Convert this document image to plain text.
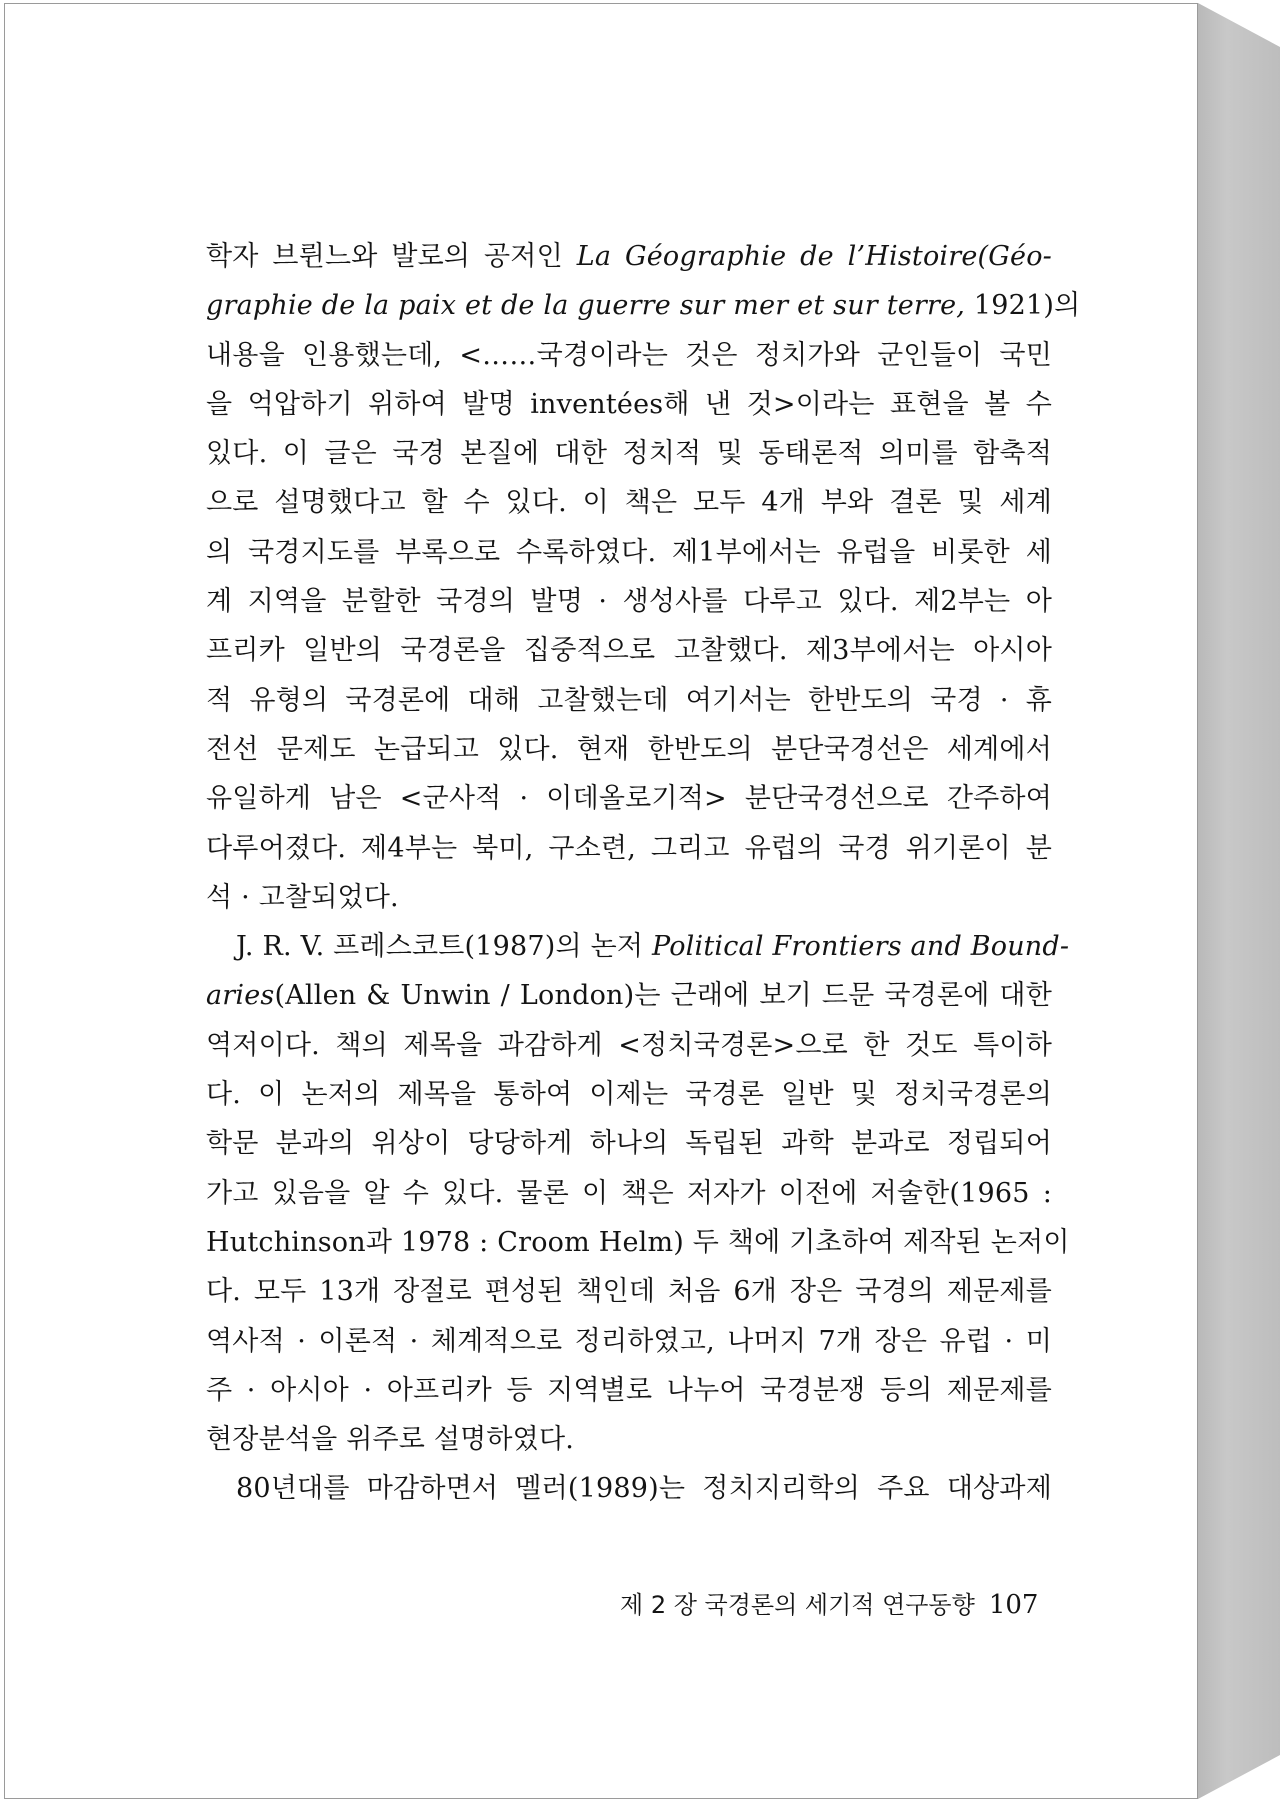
학자 브륀느와 발로의 공저인 La Géographie de l’Histoire(Géo-
graphie de la paix et de la guerre sur mer et sur terre, 1921)의
내용을 인용했는데, <……국경이라는 것은 정치가와 군인들이 국민
을 억압하기 위하여 발명 inventées해 낸 것>이라는 표현을 볼 수
있다. 이 글은 국경 본질에 대한 정치적 및 동태론적 의미를 함축적
으로 설명했다고 할 수 있다. 이 책은 모두 4개 부와 결론 및 세계
의 국경지도를 부록으로 수록하였다. 제1부에서는 유럽을 비롯한 세
계 지역을 분할한 국경의 발명 · 생성사를 다루고 있다. 제2부는 아
프리카 일반의 국경론을 집중적으로 고찰했다. 제3부에서는 아시아
적 유형의 국경론에 대해 고찰했는데 여기서는 한반도의 국경 · 휴
전선 문제도 논급되고 있다. 현재 한반도의 분단국경선은 세계에서
유일하게 남은 <군사적 · 이데올로기적> 분단국경선으로 간주하여
다루어졌다. 제4부는 북미, 구소련, 그리고 유럽의 국경 위기론이 분
석 · 고찰되었다.
J. R. V. 프레스코트(1987)의 논저 Political Frontiers and Bound-
aries(Allen & Unwin / London)는 근래에 보기 드문 국경론에 대한
역저이다. 책의 제목을 과감하게 <정치국경론>으로 한 것도 특이하
다. 이 논저의 제목을 통하여 이제는 국경론 일반 및 정치국경론의
학문 분과의 위상이 당당하게 하나의 독립된 과학 분과로 정립되어
가고 있음을 알 수 있다. 물론 이 책은 저자가 이전에 저술한(1965 :
Hutchinson과 1978 : Croom Helm) 두 책에 기초하여 제작된 논저이
다. 모두 13개 장절로 편성된 책인데 처음 6개 장은 국경의 제문제를
역사적 · 이론적 · 체계적으로 정리하였고, 나머지 7개 장은 유럽 · 미
주 · 아시아 · 아프리카 등 지역별로 나누어 국경분쟁 등의 제문제를
현장분석을 위주로 설명하였다.
80년대를 마감하면서 멜러(1989)는 정치지리학의 주요 대상과제
제 2 장 국경론의 세기적 연구동향 107
